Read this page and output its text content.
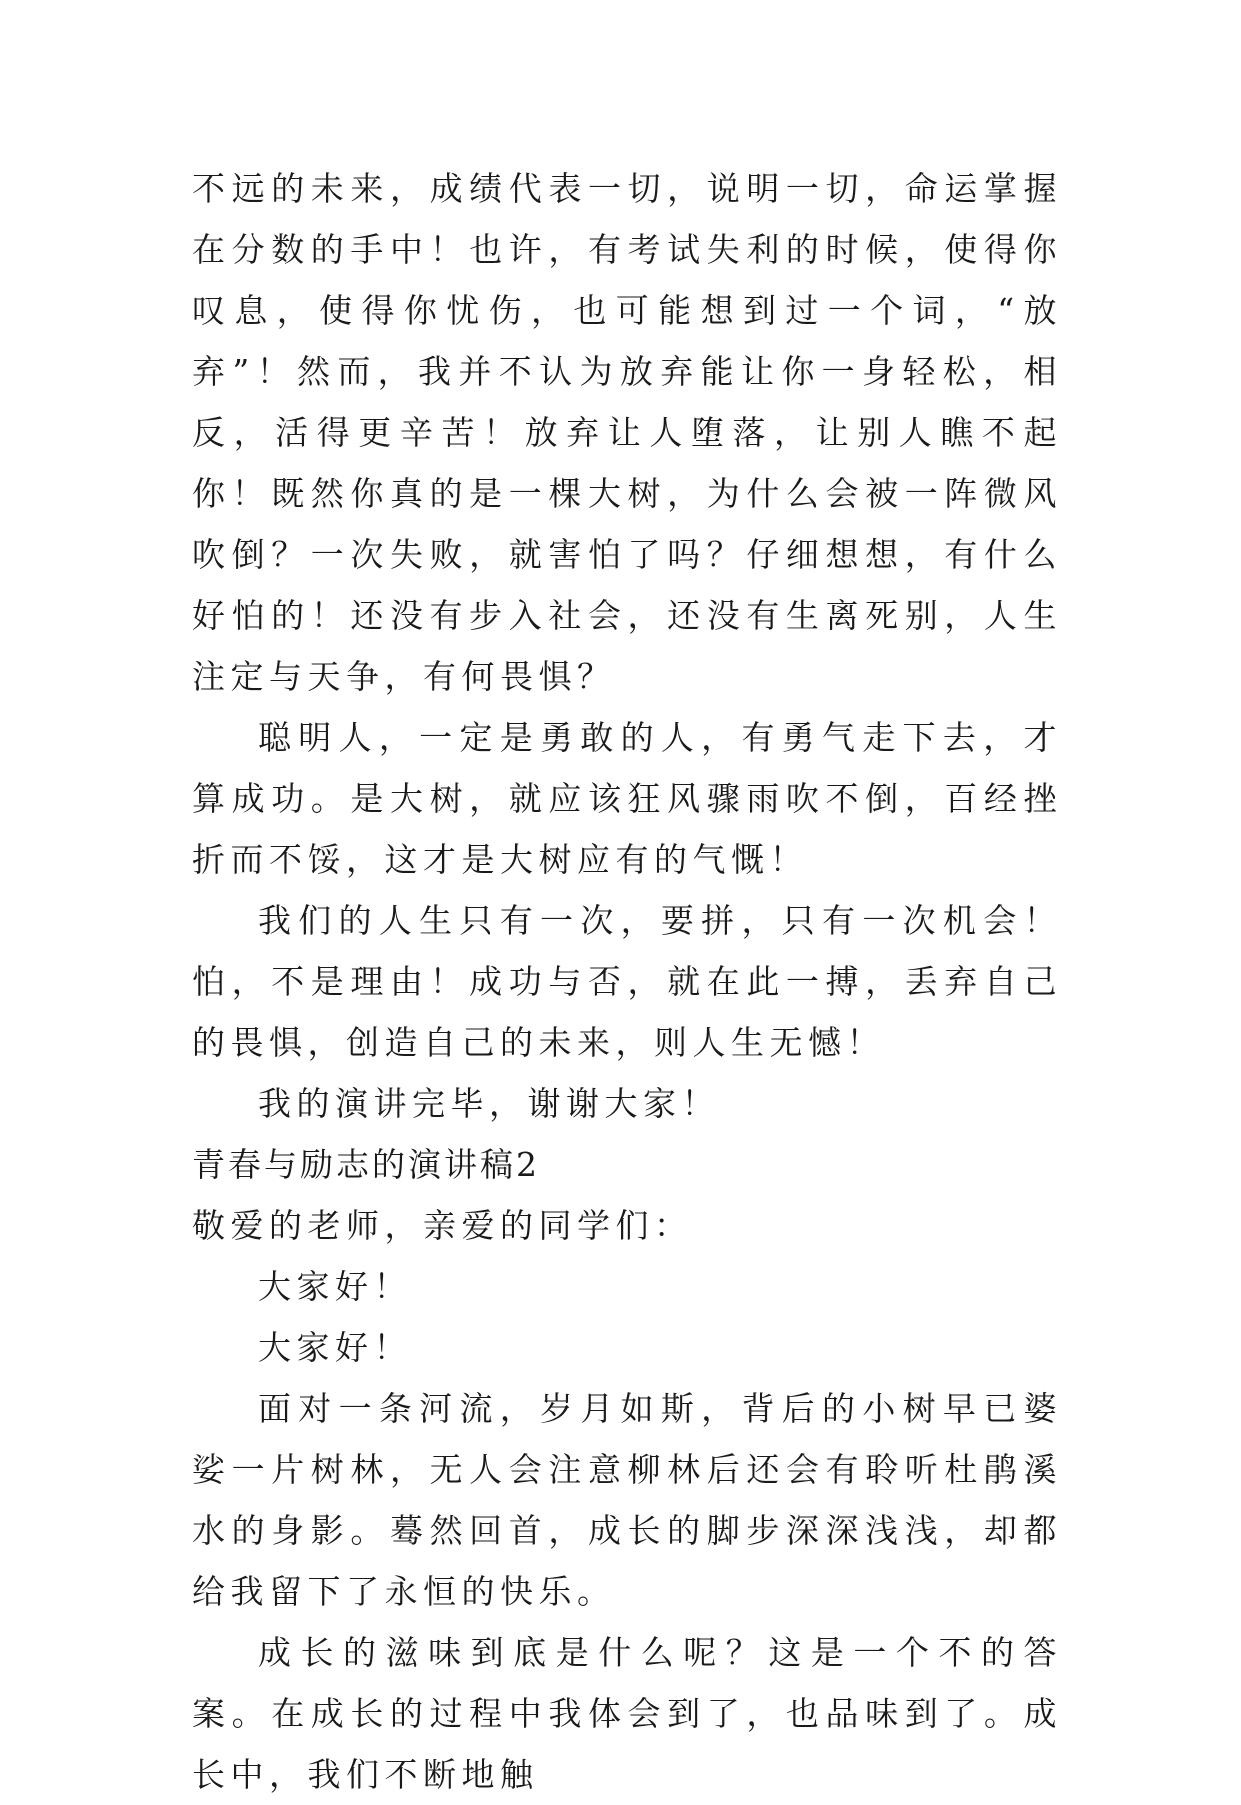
不远的未来，成绩代表一切，说明一切，命运掌握在分数的手中！也许，有考试失利的时候，使得你叹息，使得你忧伤，也可能想到过一个词，“放弃”！然而，我并不认为放弃能让你一身轻松，相反，活得更辛苦！放弃让人堕落，让别人瞧不起你！既然你真的是一棵大树，为什么会被一阵微风吹倒？一次失败，就害怕了吗？仔细想想，有什么好怕的！还没有步入社会，还没有生离死别，人生注定与天争，有何畏惧？

聪明人，一定是勇敢的人，有勇气走下去，才算成功。是大树，就应该狂风骤雨吹不倒，百经挫折而不馁，这才是大树应有的气慨！

我们的人生只有一次，要拼，只有一次机会！怕，不是理由！成功与否，就在此一搏，丢弃自己的畏惧，创造自己的未来，则人生无憾！

我的演讲完毕，谢谢大家！

青春与励志的演讲稿2

敬爱的老师，亲爱的同学们：

大家好！

大家好！

面对一条河流，岁月如斯，背后的小树早已婆娑一片树林，无人会注意柳林后还会有聆听杜鹃溪水的身影。蓦然回首，成长的脚步深深浅浅，却都给我留下了永恒的快乐。

成长的滋味到底是什么呢？这是一个不的答案。在成长的过程中我体会到了，也品味到了。成长中，我们不断地触
